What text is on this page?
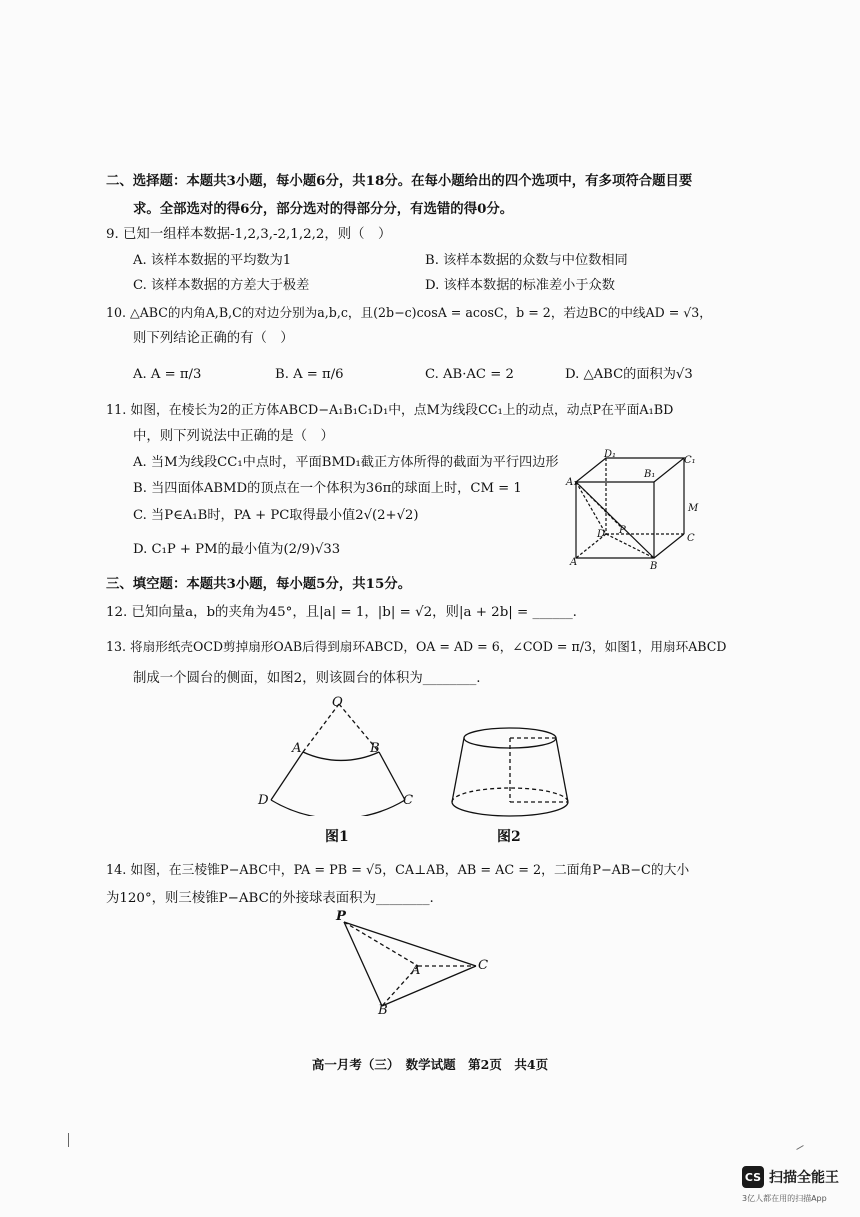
二、选择题：本题共3小题，每小题6分，共18分。在每小题给出的四个选项中，有多项符合题目要
求。全部选对的得6分，部分选对的得部分分，有选错的得0分。
9. 已知一组样本数据-1,2,3,-2,1,2,2，则（　）
A. 该样本数据的平均数为1	B. 该样本数据的众数与中位数相同
C. 该样本数据的方差大于极差	D. 该样本数据的标准差小于众数
10. △ABC的内角A,B,C的对边分别为a,b,c，且(2b−c)cosA = acosC，b = 2，若边BC的中线AD = √3，
则下列结论正确的有（　）
A. A = π/3	B. A = π/6	C. AB·AC = 2	D. △ABC的面积为√3
11. 如图，在棱长为2的正方体ABCD−A₁B₁C₁D₁中，点M为线段CC₁上的动点，动点P在平面A₁BD
中，则下列说法中正确的是（　）
A. 当M为线段CC₁中点时，平面BMD₁截正方体所得的截面为平行四边形
B. 当四面体ABMD的顶点在一个体积为36π的球面上时，CM = 1
C. 当P∈A₁B时，PA + PC取得最小值2√(2+√2)
D. C₁P + PM的最小值为(2/9)√33
D₁
C₁
B₁
A₁
M
D P
C
A	B
三、填空题：本题共3小题，每小题5分，共15分。
12. 已知向量a，b的夹角为45°，且|a| = 1，|b| = √2，则|a + 2b| = ______.
13. 将扇形纸壳OCD剪掉扇形OAB后得到扇环ABCD，OA = AD = 6，∠COD = π/3，如图1，用扇环ABCD
制成一个圆台的侧面，如图2，则该圆台的体积为________.
O
A	B
D	C
图1	图2
14. 如图，在三棱锥P−ABC中，PA = PB = √5，CA⊥AB，AB = AC = 2，二面角P−AB−C的大小
为120°，则三棱锥P−ABC的外接球表面积为________.
P
A	C
B
高一月考（三）　数学试题　第2页　共4页
CS 扫描全能王
3亿人都在用的扫描App
